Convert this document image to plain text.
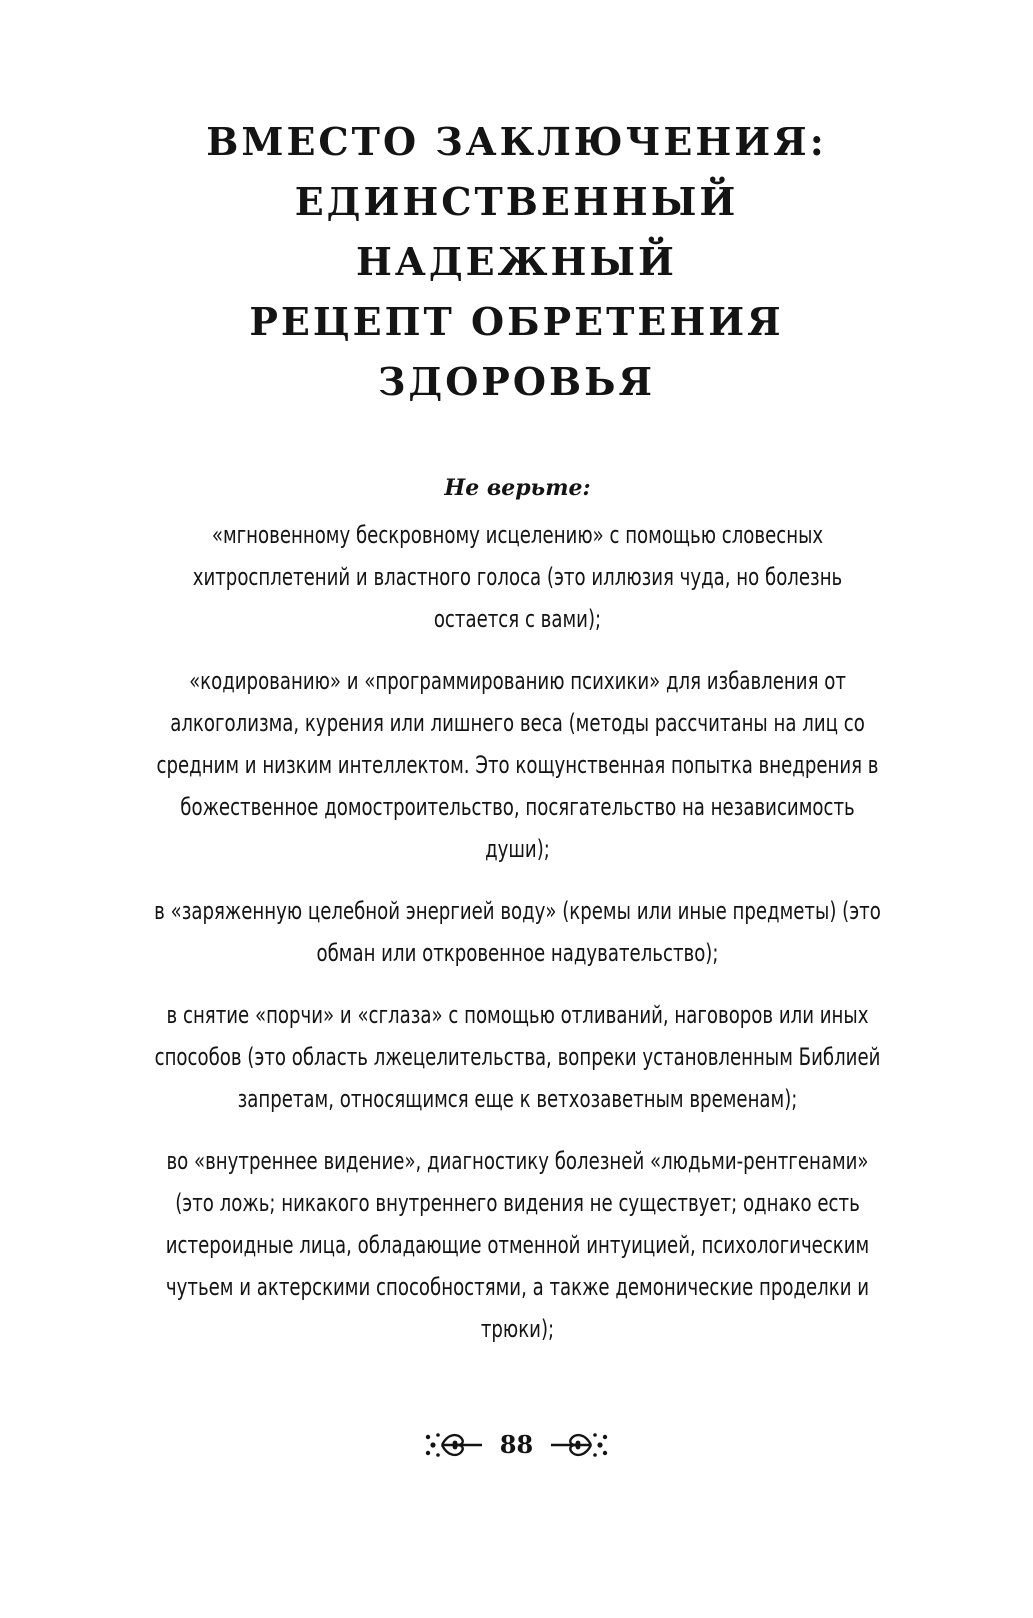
ВМЕСТО ЗАКЛЮЧЕНИЯ:
ЕДИНСТВЕННЫЙ НАДЕЖНЫЙ
РЕЦЕПТ ОБРЕТЕНИЯ
ЗДОРОВЬЯ

Не верьте:

«мгновенному бескровному исцелению» с помощью словесных хитросплетений и властного голоса (это иллюзия чуда, но болезнь остается с вами);

«кодированию» и «программированию психики» для избавления от алкоголизма, курения или лишнего веса (методы рассчитаны на лиц со средним и низким интеллектом. Это кощунственная попытка внедрения в божественное домостроительство, посягательство на независимость души);

в «заряженную целебной энергией воду» (кремы или иные предметы) (это обман или откровенное надувательство);

в снятие «порчи» и «сглаза» с помощью отливаний, наговоров или иных способов (это область лжецелительства, вопреки установленным Библией запретам, относящимся еще к ветхозаветным временам);

во «внутреннее видение», диагностику болезней «людьми-рентгенами» (это ложь; никакого внутреннего видения не существует; однако есть истероидные лица, обладающие отменной интуицией, психологическим чутьем и актерскими способностями, а также демонические проделки и трюки);

88
